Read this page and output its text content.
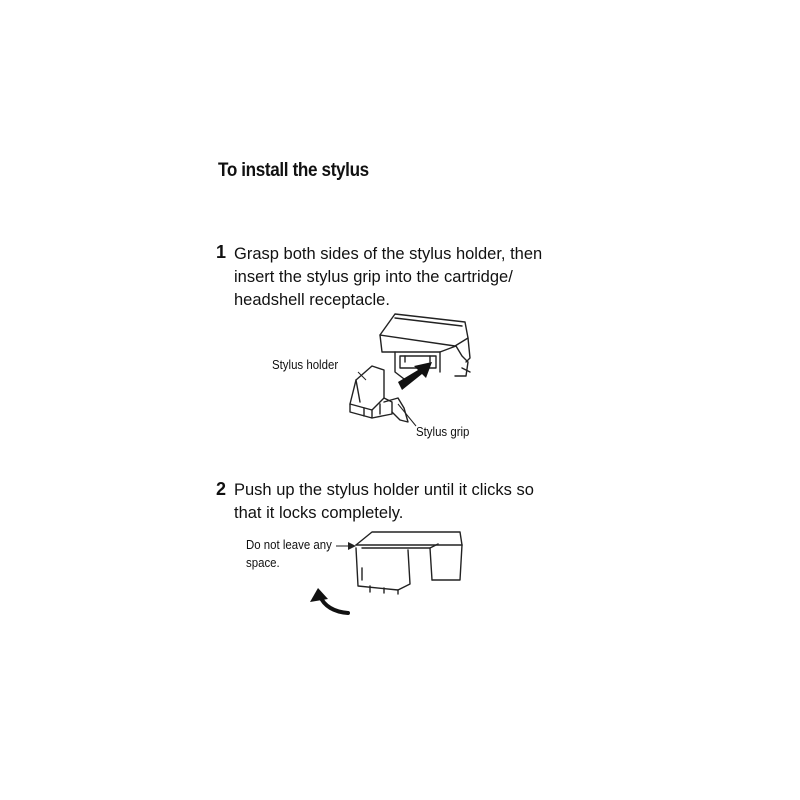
To install the stylus
1 Grasp both sides of the stylus holder, then
insert the stylus grip into the cartridge/
headshell receptacle.
Stylus holder
Stylus grip
2 Push up the stylus holder until it clicks so
that it locks completely.
Do not leave any
space.
